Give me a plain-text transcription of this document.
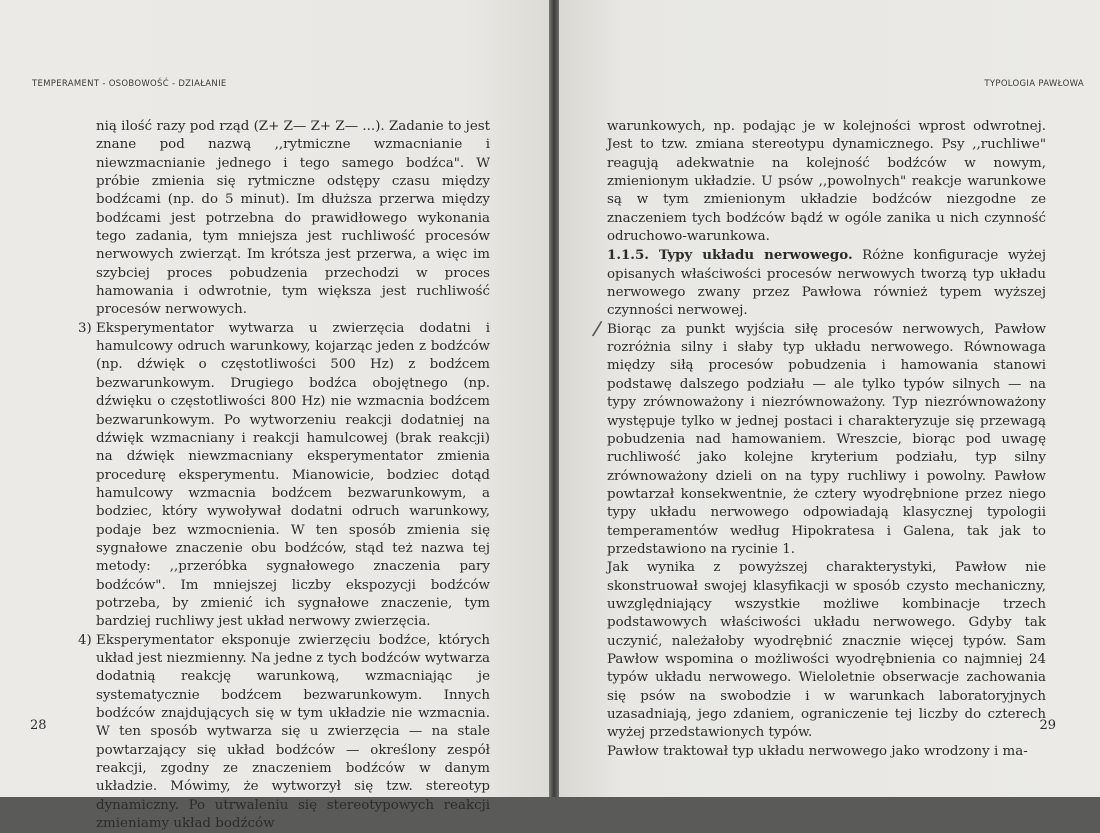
TEMPERAMENT - OSOBOWOŚĆ - DZIAŁANIE

nią ilość razy pod rząd (Z+ Z— Z+ Z— ...). Zadanie to jest znane pod nazwą ,,rytmiczne wzmacnianie i niewzmacnianie jednego i tego samego bodźca". W próbie zmienia się rytmiczne odstępy czasu między bodźcami (np. do 5 minut). Im dłuższa przerwa między bodźcami jest potrzebna do prawidłowego wykonania tego zadania, tym mniejsza jest ruchliwość procesów nerwowych zwierząt. Im krótsza jest przerwa, a więc im szybciej proces pobudzenia przechodzi w proces hamowania i odwrotnie, tym większa jest ruchliwość procesów nerwowych.

3) Eksperymentator wytwarza u zwierzęcia dodatni i hamulcowy odruch warunkowy, kojarząc jeden z bodźców (np. dźwięk o częstotliwości 500 Hz) z bodźcem bezwarunkowym. Drugiego bodźca obojętnego (np. dźwięku o częstotliwości 800 Hz) nie wzmacnia bodźcem bezwarunkowym. Po wytworzeniu reakcji dodatniej na dźwięk wzmacniany i reakcji hamulcowej (brak reakcji) na dźwięk niewzmacniany eksperymentator zmienia procedurę eksperymentu. Mianowicie, bodziec dotąd hamulcowy wzmacnia bodźcem bezwarunkowym, a bodziec, który wywoływał dodatni odruch warunkowy, podaje bez wzmocnienia. W ten sposób zmienia się sygnałowe znaczenie obu bodźców, stąd też nazwa tej metody: ,,przeróbka sygnałowego znaczenia pary bodźców". Im mniejszej liczby ekspozycji bodźców potrzeba, by zmienić ich sygnałowe znaczenie, tym bardziej ruchliwy jest układ nerwowy zwierzęcia.

4) Eksperymentator eksponuje zwierzęciu bodźce, których układ jest niezmienny. Na jedne z tych bodźców wytwarza dodatnią reakcję warunkową, wzmacniając je systematycznie bodźcem bezwarunkowym. Innych bodźców znajdujących się w tym układzie nie wzmacnia. W ten sposób wytwarza się u zwierzęcia — na stale powtarzający się układ bodźców — określony zespół reakcji, zgodny ze znaczeniem bodźców w danym układzie. Mówimy, że wytworzył się tzw. stereotyp dynamiczny. Po utrwaleniu się stereotypowych reakcji zmieniamy układ bodźców

28
TYPOLOGIA PAWŁOWA
/

warunkowych, np. podając je w kolejności wprost odwrotnej. Jest to tzw. zmiana stereotypu dynamicznego. Psy ,,ruchliwe" reagują adekwatnie na kolejność bodźców w nowym, zmienionym układzie. U psów ,,powolnych" reakcje warunkowe są w tym zmienionym układzie bodźców niezgodne ze znaczeniem tych bodźców bądź w ogóle zanika u nich czynność odruchowo-warunkowa.

1.1.5. Typy układu nerwowego. Różne konfiguracje wyżej opisanych właściwości procesów nerwowych tworzą typ układu nerwowego zwany przez Pawłowa również typem wyższej czynności nerwowej.

Biorąc za punkt wyjścia siłę procesów nerwowych, Pawłow rozróżnia silny i słaby typ układu nerwowego. Równowaga między siłą procesów pobudzenia i hamowania stanowi podstawę dalszego podziału — ale tylko typów silnych — na typy zrównoważony i niezrównoważony. Typ niezrównoważony występuje tylko w jednej postaci i charakteryzuje się przewagą pobudzenia nad hamowaniem. Wreszcie, biorąc pod uwagę ruchliwość jako kolejne kryterium podziału, typ silny zrównoważony dzieli on na typy ruchliwy i powolny. Pawłow powtarzał konsekwentnie, że cztery wyodrębnione przez niego typy układu nerwowego odpowiadają klasycznej typologii temperamentów według Hipokratesa i Galena, tak jak to przedstawiono na rycinie 1.

Jak wynika z powyższej charakterystyki, Pawłow nie skonstruował swojej klasyfikacji w sposób czysto mechaniczny, uwzględniający wszystkie możliwe kombinacje trzech podstawowych właściwości układu nerwowego. Gdyby tak uczynić, należałoby wyodrębnić znacznie więcej typów. Sam Pawłow wspomina o możliwości wyodrębnienia co najmniej 24 typów układu nerwowego. Wieloletnie obserwacje zachowania się psów na swobodzie i w warunkach laboratoryjnych uzasadniają, jego zdaniem, ograniczenie tej liczby do czterech wyżej przedstawionych typów.

Pawłow traktował typ układu nerwowego jako wrodzony i ma-

29
